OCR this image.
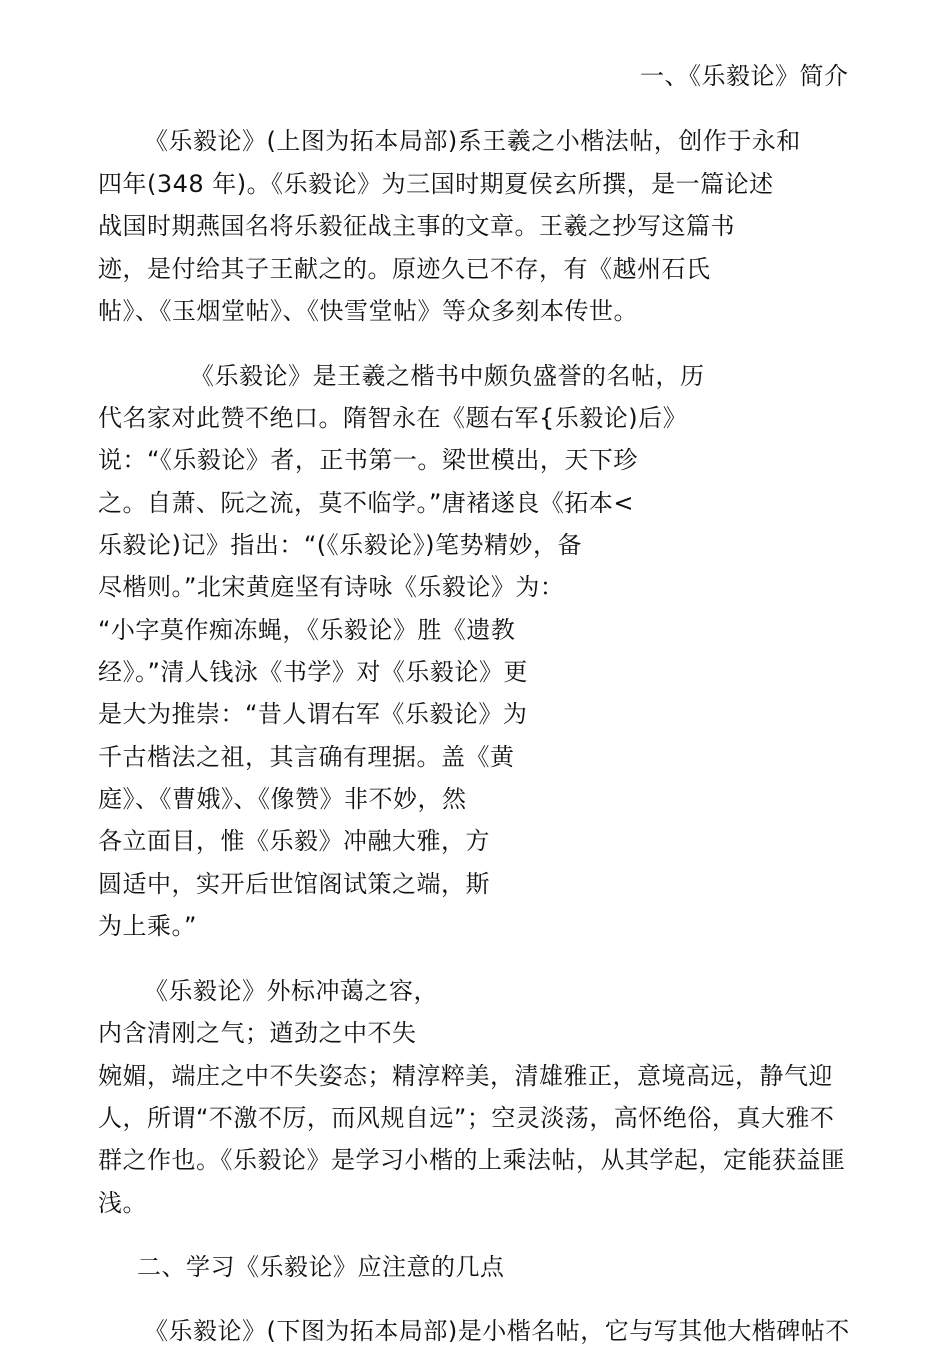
一、《乐毅论》简介
《乐毅论》(上图为拓本局部)系王羲之小楷法帖，创作于永和
四年(348 年)。《乐毅论》为三国时期夏侯玄所撰，是一篇论述
战国时期燕国名将乐毅征战主事的文章。王羲之抄写这篇书
迹，是付给其子王献之的。原迹久已不存，有《越州石氏
帖》、《玉烟堂帖》、《快雪堂帖》等众多刻本传世。
《乐毅论》是王羲之楷书中颇负盛誉的名帖，历
代名家对此赞不绝口。隋智永在《题右军{乐毅论)后》
说：“《乐毅论》者，正书第一。梁世模出，天下珍
之。自萧、阮之流，莫不临学。”唐褚遂良《拓本<
乐毅论)记》指出：“(《乐毅论》)笔势精妙，备
尽楷则。”北宋黄庭坚有诗咏《乐毅论》为：
“小字莫作痴冻蝇，《乐毅论》胜《遗教
经》。”清人钱泳《书学》对《乐毅论》更
是大为推崇：“昔人谓右军《乐毅论》为
千古楷法之祖，其言确有理据。盖《黄
庭》、《曹娥》、《像赞》非不妙，然
各立面目，惟《乐毅》冲融大雅，方
圆适中，实开后世馆阁试策之端，斯
为上乘。”
《乐毅论》外标冲蔼之容，
内含清刚之气；遒劲之中不失
婉媚，端庄之中不失姿态；精淳粹美，清雄雅正，意境高远，静气迎
人，所谓“不激不厉，而风规自远”；空灵淡荡，高怀绝俗，真大雅不
群之作也。《乐毅论》是学习小楷的上乘法帖，从其学起，定能获益匪
浅。
二、学习《乐毅论》应注意的几点
《乐毅论》(下图为拓本局部)是小楷名帖，它与写其他大楷碑帖不
